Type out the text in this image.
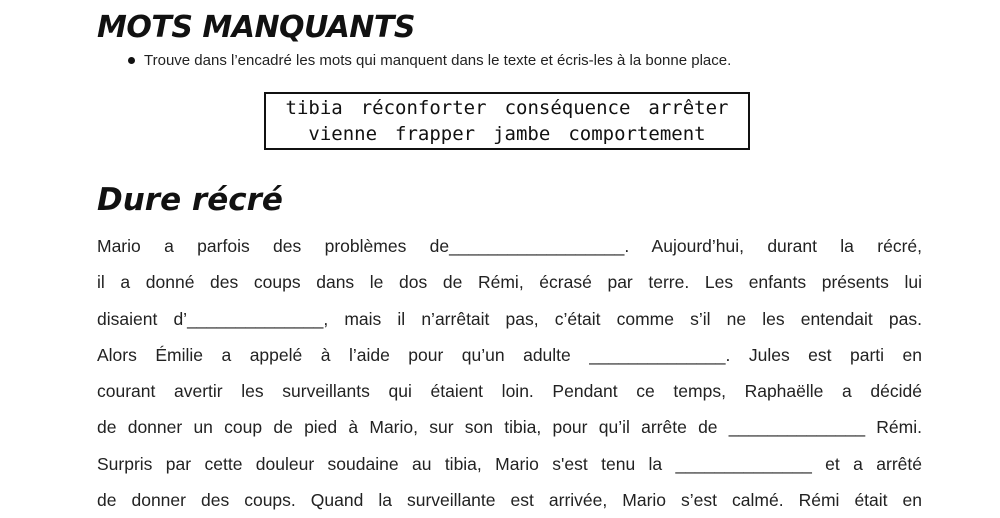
MOTS MANQUANTS
Trouve dans l’encadré les mots qui manquent dans le texte et écris-les à la bonne place.
tibia réconforter conséquence arrêter
vienne frapper jambe comportement
Dure récré
Mario a parfois des problèmes de__________________. Aujourd’hui, durant la récré,
il a donné des coups dans le dos de Rémi, écrasé par terre. Les enfants présents lui
disaient d’______________, mais il n’arrêtait pas, c’était comme s’il ne les entendait pas.
Alors Émilie a appelé à l’aide pour qu’un adulte ______________. Jules est parti en
courant avertir les surveillants qui étaient loin. Pendant ce temps, Raphaëlle a décidé
de donner un coup de pied à Mario, sur son tibia, pour qu’il arrête de ______________ Rémi.
Surpris par cette douleur soudaine au tibia, Mario s'est tenu la ______________ et a arrêté
de donner des coups. Quand la surveillante est arrivée, Mario s’est calmé. Rémi était en
